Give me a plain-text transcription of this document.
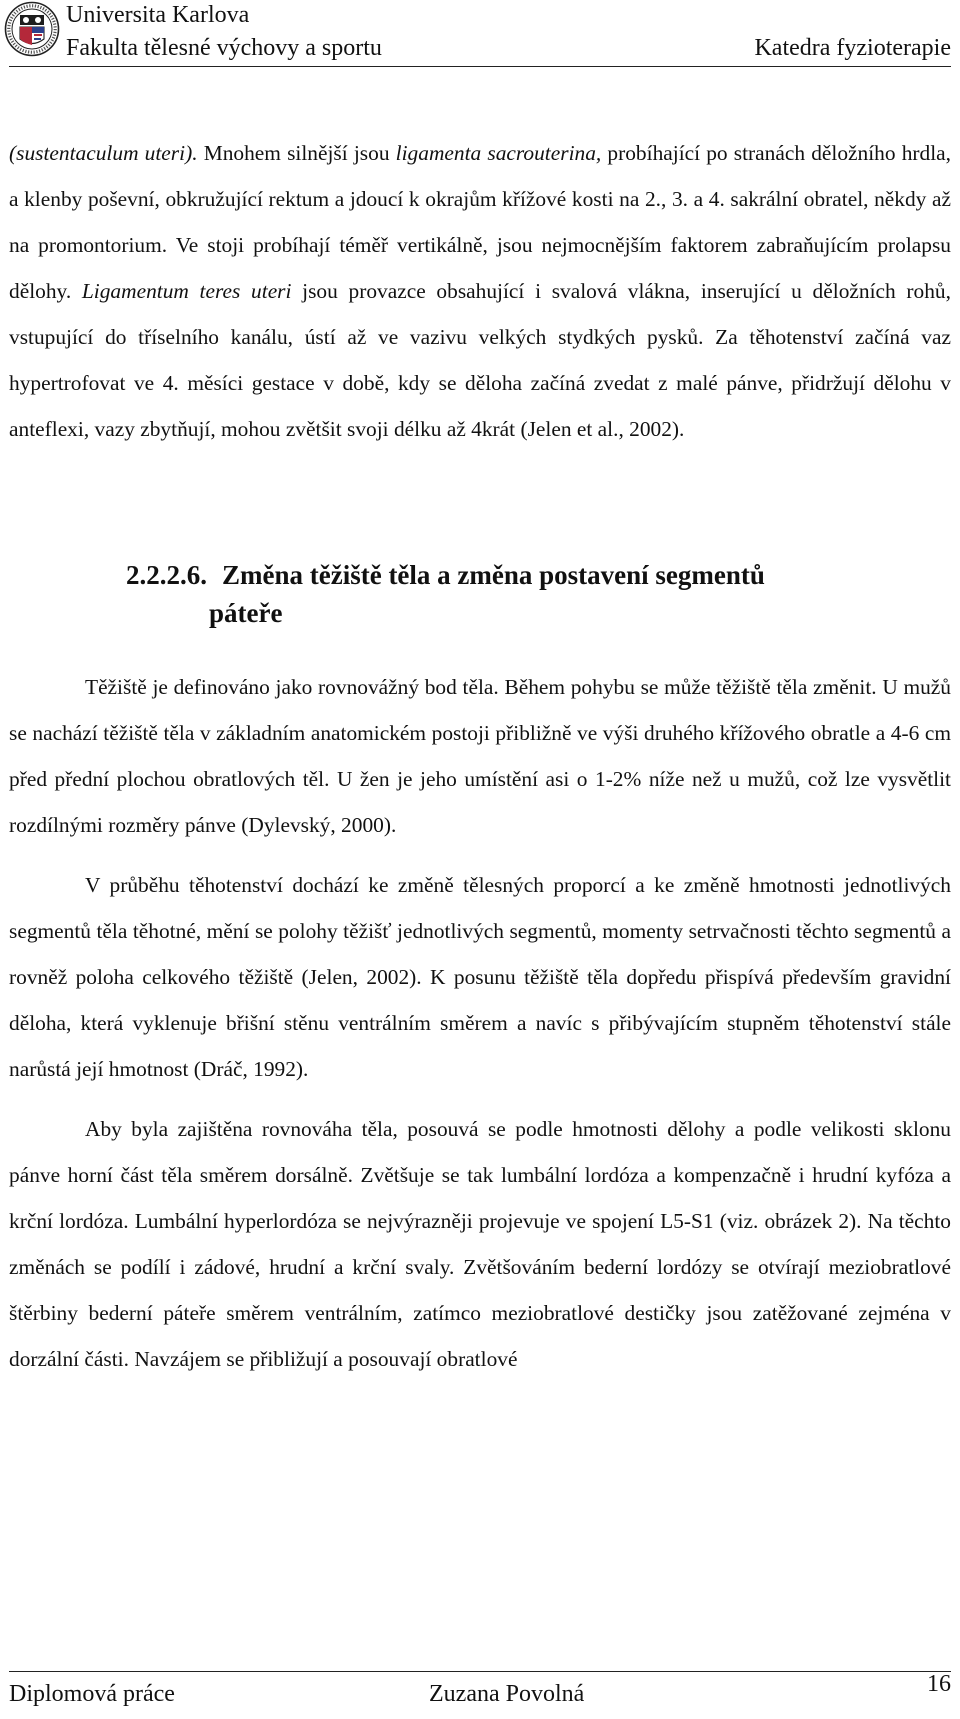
Universita Karlova
Fakulta tělesné výchovy a sportu	Katedra fyzioterapie

(sustentaculum uteri). Mnohem silnější jsou ligamenta sacrouterina, probíhající po stranách děložního hrdla, a klenby poševní, obkružující rektum a jdoucí k okrajům křížové kosti na 2., 3. a 4. sakrální obratel, někdy až na promontorium. Ve stoji probíhají téměř vertikálně, jsou nejmocnějším faktorem zabraňujícím prolapsu dělohy. Ligamentum teres uteri jsou provazce obsahující i svalová vlákna, inserující u děložních rohů, vstupující do tříselního kanálu, ústí až ve vazivu velkých stydkých pysků. Za těhotenství začíná vaz hypertrofovat ve 4. měsíci gestace v době, kdy se děloha začíná zvedat z malé pánve, přidržují dělohu v anteflexi, vazy zbytňují, mohou zvětšit svoji délku až 4krát (Jelen et al., 2002).

2.2.2.6. Změna těžiště těla a změna postavení segmentů
páteře

Těžiště je definováno jako rovnovážný bod těla. Během pohybu se může těžiště těla změnit. U mužů se nachází těžiště těla v základním anatomickém postoji přibližně ve výši druhého křížového obratle a 4-6 cm před přední plochou obratlových těl. U žen je jeho umístění asi o 1-2% níže než u mužů, což lze vysvětlit rozdílnými rozměry pánve (Dylevský, 2000).

V průběhu těhotenství dochází ke změně tělesných proporcí a ke změně hmotnosti jednotlivých segmentů těla těhotné, mění se polohy těžišť jednotlivých segmentů, momenty setrvačnosti těchto segmentů a rovněž poloha celkového těžiště (Jelen, 2002). K posunu těžiště těla dopředu přispívá především gravidní děloha, která vyklenuje břišní stěnu ventrálním směrem a navíc s přibývajícím stupněm těhotenství stále narůstá její hmotnost (Dráč, 1992).

Aby byla zajištěna rovnováha těla, posouvá se podle hmotnosti dělohy a podle velikosti sklonu pánve horní část těla směrem dorsálně. Zvětšuje se tak lumbální lordóza a kompenzačně i hrudní kyfóza a krční lordóza. Lumbální hyperlordóza se nejvýrazněji projevuje ve spojení L5-S1 (viz. obrázek 2). Na těchto změnách se podílí i zádové, hrudní a krční svaly. Zvětšováním bederní lordózy se otvírají meziobratlové štěrbiny bederní páteře směrem ventrálním, zatímco meziobratlové destičky jsou zatěžované zejména v dorzální části. Navzájem se přibližují a posouvají obratlové

Diplomová práce	Zuzana Povolná	16
